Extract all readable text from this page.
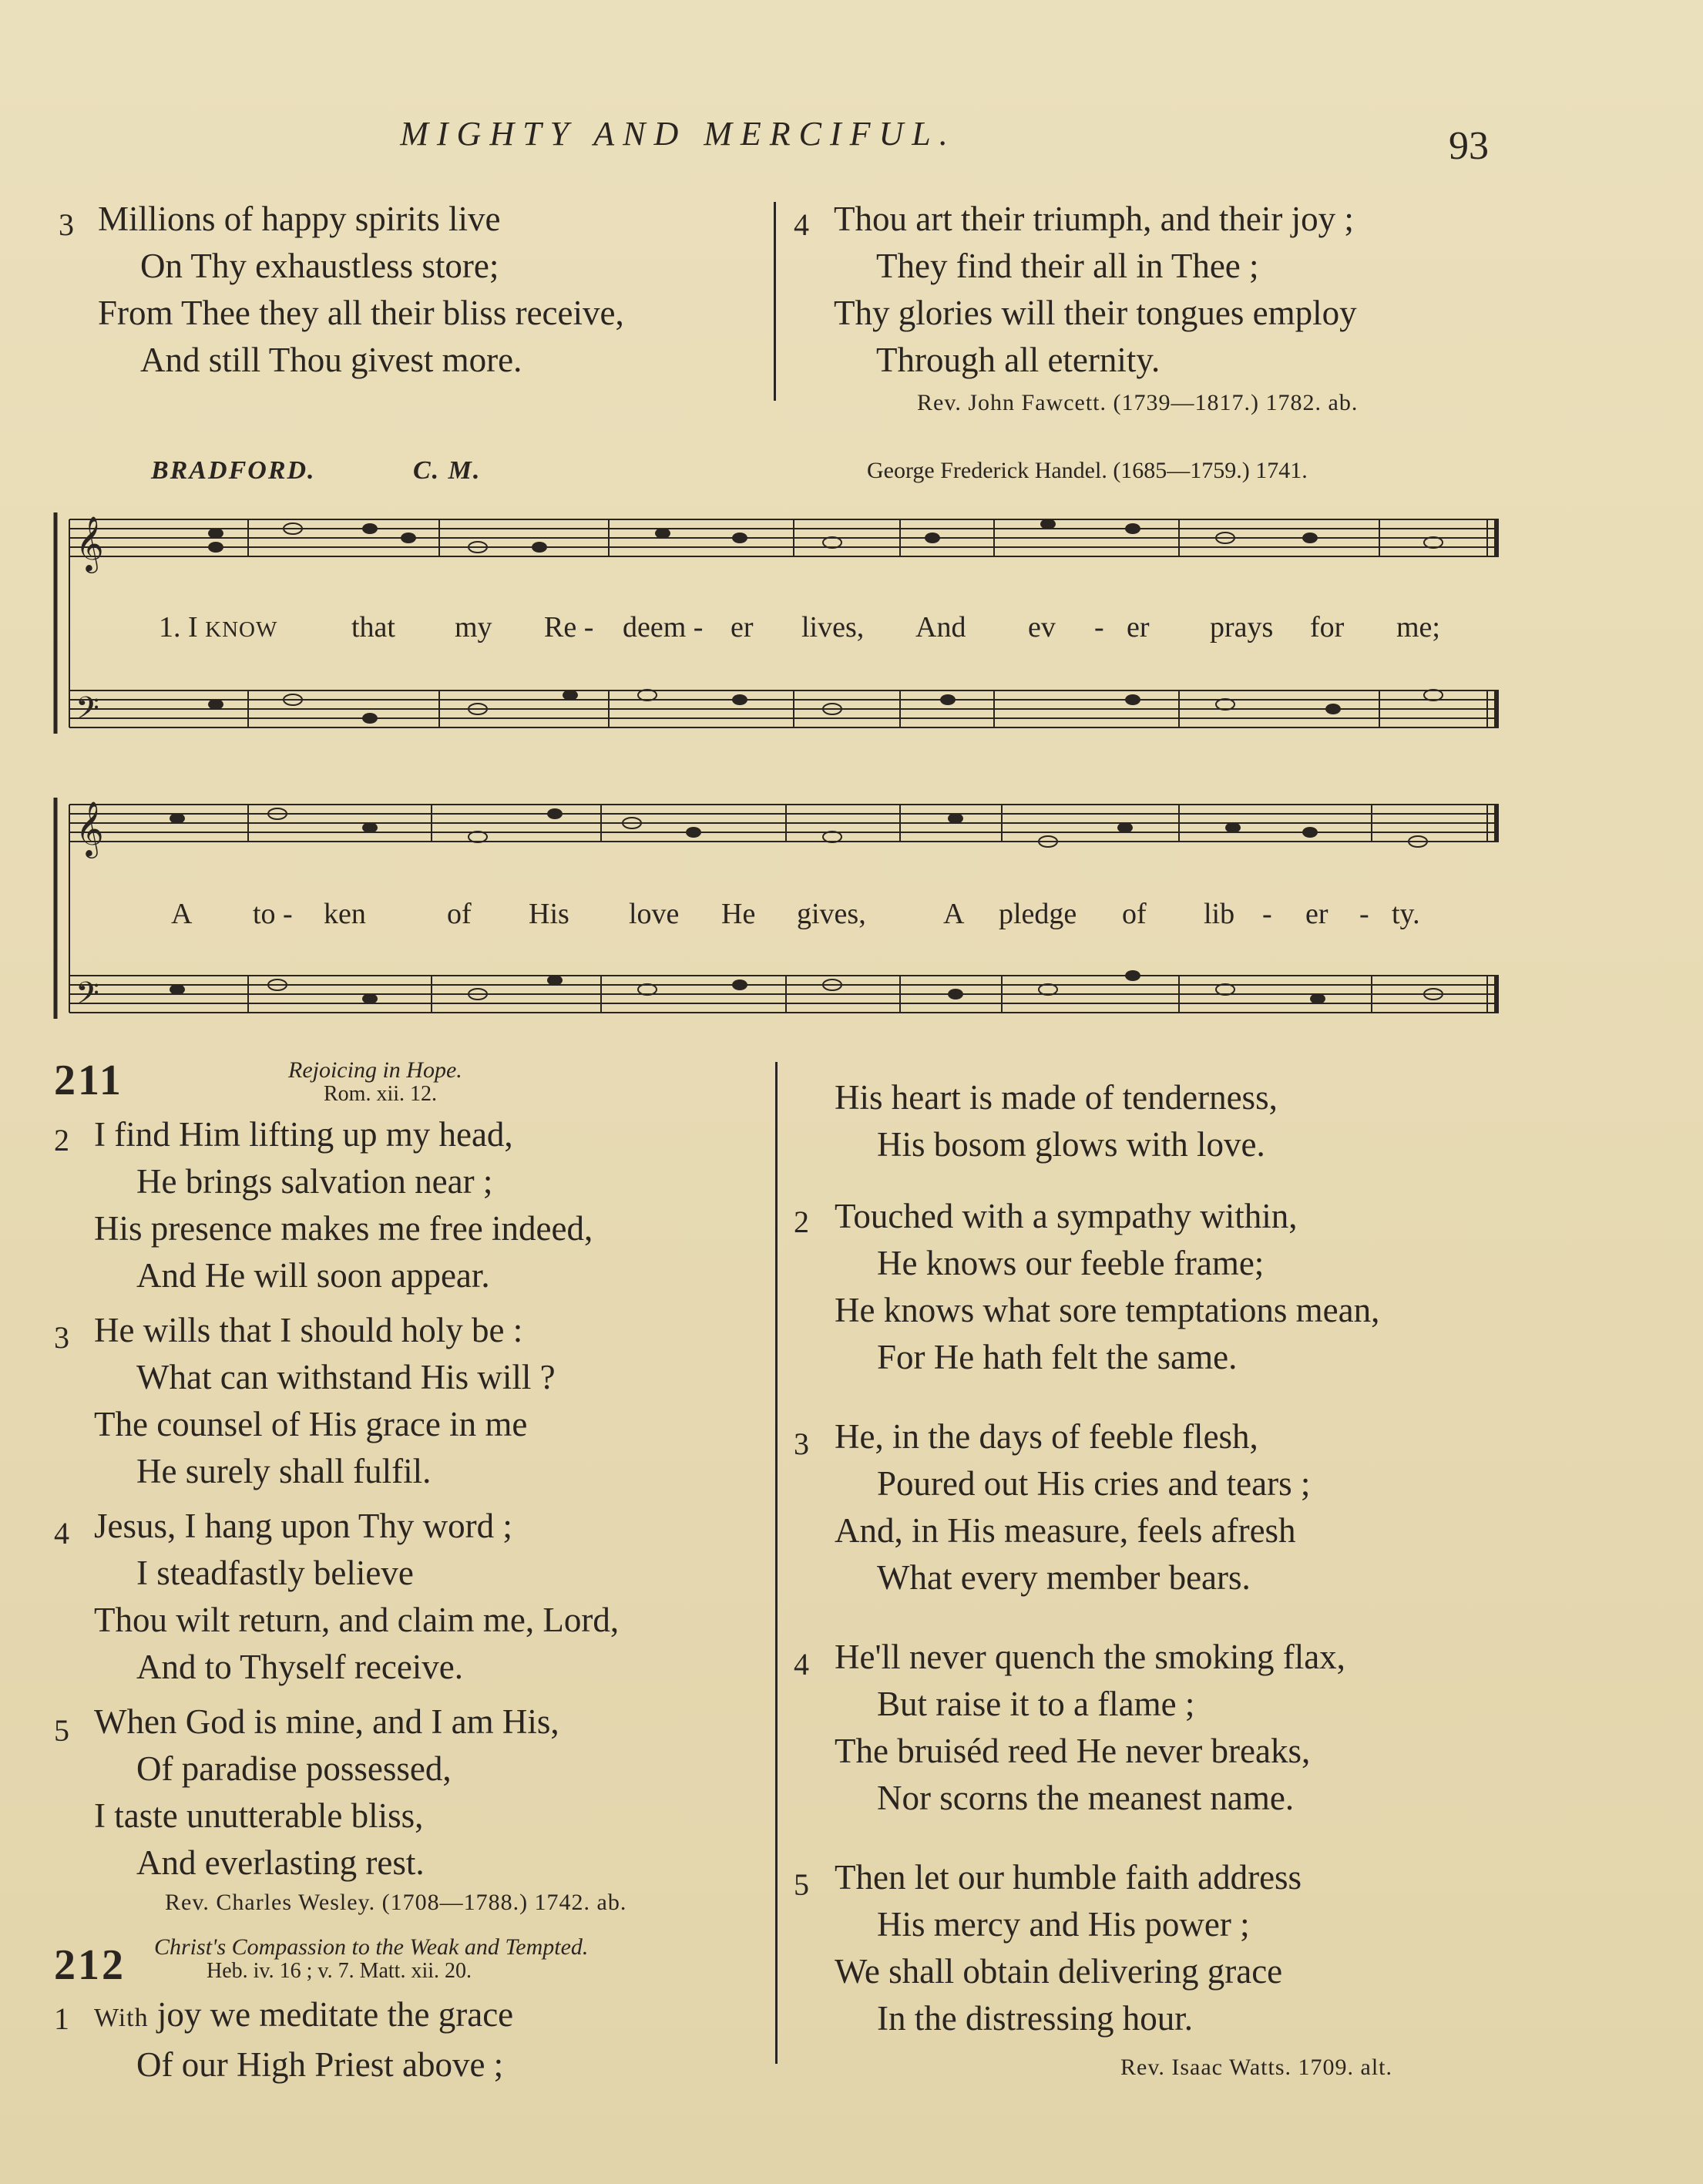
MIGHTY AND MERCIFUL.	93
3 Millions of happy spirits live
On Thy exhaustless store;
From Thee they all their bliss receive,
And still Thou givest more.
4 Thou art their triumph, and their joy ;
They find their all in Thee ;
Thy glories will their tongues employ
Through all eternity.
Rev. John Fawcett. (1739—1817.) 1782. ab.
BRADFORD.	C. M.	George Frederick Handel. (1685—1759.) 1741.
𝄞
𝄢
𝄞
𝄢
1. I KNOW	that my Re - deem - er lives, And ev - er prays for me;
A to - ken	of His love He gives,	A pledge of lib - er - ty.
211	Rejoicing in Hope.
Rom. xii. 12.
2 I find Him lifting up my head,
He brings salvation near ;
His presence makes me free indeed,
And He will soon appear.
3 He wills that I should holy be :
What can withstand His will ?
The counsel of His grace in me
He surely shall fulfil.
4 Jesus, I hang upon Thy word ;
I steadfastly believe
Thou wilt return, and claim me, Lord,
And to Thyself receive.
5 When God is mine, and I am His,
Of paradise possessed,
I taste unutterable bliss,
And everlasting rest.
Rev. Charles Wesley. (1708—1788.) 1742. ab.
212 Christ's Compassion to the Weak and Tempted.
Heb. iv. 16 ; v. 7. Matt. xii. 20.
1 With joy we meditate the grace
Of our High Priest above ;
His heart is made of tenderness,
His bosom glows with love.
2 Touched with a sympathy within,
He knows our feeble frame;
He knows what sore temptations mean,
For He hath felt the same.
3 He, in the days of feeble flesh,
Poured out His cries and tears ;
And, in His measure, feels afresh
What every member bears.
4 He'll never quench the smoking flax,
But raise it to a flame ;
The bruiséd reed He never breaks,
Nor scorns the meanest name.
5 Then let our humble faith address
His mercy and His power ;
We shall obtain delivering grace
In the distressing hour.
Rev. Isaac Watts. 1709. alt.
